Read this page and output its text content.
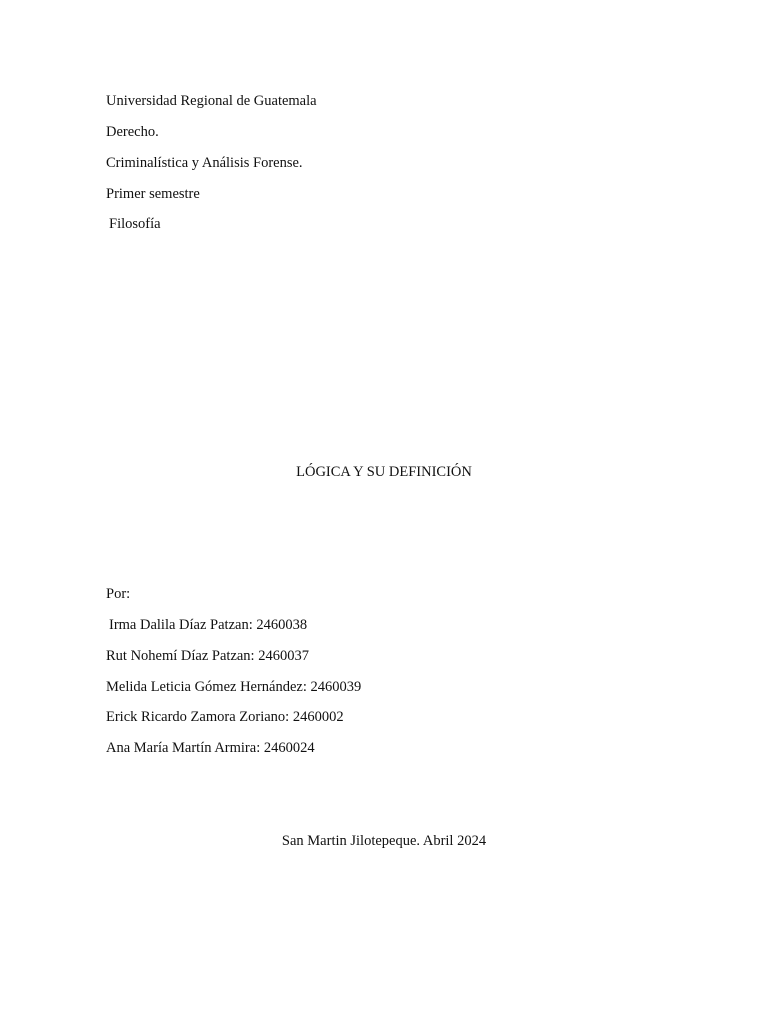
Universidad Regional de Guatemala
Derecho.
Criminalística y Análisis Forense.
Primer semestre
Filosofía
LÓGICA Y SU DEFINICIÓN
Por:
Irma Dalila Díaz Patzan: 2460038
Rut Nohemí Díaz Patzan: 2460037
Melida Leticia Gómez Hernández: 2460039
Erick Ricardo Zamora Zoriano: 2460002
Ana María Martín Armira: 2460024
San Martin Jilotepeque. Abril 2024
